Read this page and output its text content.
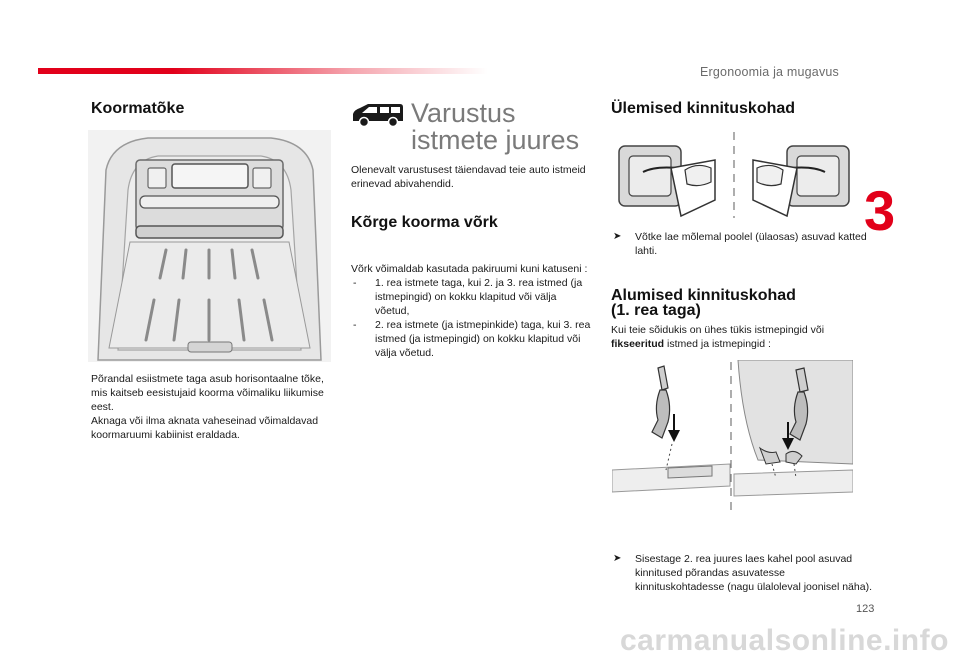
Ergonoomia ja mugavus
3
Koormatõke
Põrandal esiistmete taga asub horisontaalne tõke, mis kaitseb eesistujaid koorma võimaliku liikumise eest.
Aknaga või ilma aknata vaheseinad võimaldavad koormaruumi kabiinist eraldada.
Varustus
istmete juures
Olenevalt varustusest täiendavad teie auto istmeid erinevad abivahendid.
Kõrge koorma võrk
Võrk võimaldab kasutada pakiruumi kuni katuseni :
- 1. rea istmete taga, kui 2. ja 3. rea istmed (ja istmepingid) on kokku klapitud või välja võetud,
- 2. rea istmete (ja istmepinkide) taga, kui 3. rea istmed (ja istmepingid) on kokku klapitud või välja võetud.
Ülemised kinnituskohad
➤ Võtke lae mõlemal poolel (ülaosas) asuvad katted lahti.
Alumised kinnituskohad
(1. rea taga)
Kui teie sõidukis on ühes tükis istmepingid või
fikseeritud istmed ja istmepingid :
➤ Sisestage 2. rea juures laes kahel pool asuvad kinnitused põrandas asuvatesse kinnituskohtadesse (nagu ülaloleval joonisel näha).
123
carmanualsonline.info
